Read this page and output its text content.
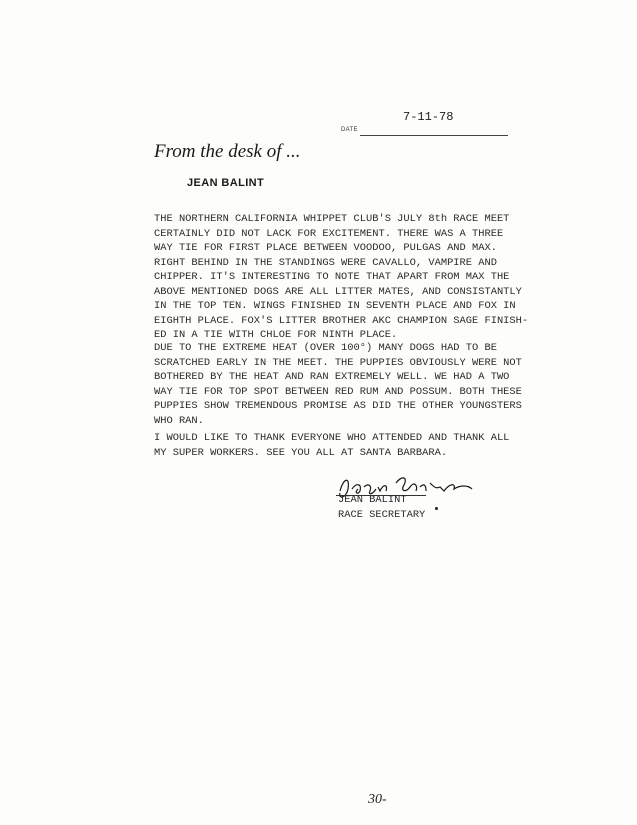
7-11-78
DATE
From the desk of ...
JEAN BALINT
THE NORTHERN CALIFORNIA WHIPPET CLUB'S JULY 8th RACE MEET
CERTAINLY DID NOT LACK FOR EXCITEMENT. THERE WAS A THREE
WAY TIE FOR FIRST PLACE BETWEEN VOODOO, PULGAS AND MAX.
RIGHT BEHIND IN THE STANDINGS WERE CAVALLO, VAMPIRE AND
CHIPPER. IT'S INTERESTING TO NOTE THAT APART FROM MAX THE
ABOVE MENTIONED DOGS ARE ALL LITTER MATES, AND CONSISTANTLY
IN THE TOP TEN. WINGS FINISHED IN SEVENTH PLACE AND FOX IN
EIGHTH PLACE. FOX'S LITTER BROTHER AKC CHAMPION SAGE FINISH-
ED IN A TIE WITH CHLOE FOR NINTH PLACE.
DUE TO THE EXTREME HEAT (OVER 100°) MANY DOGS HAD TO BE
SCRATCHED EARLY IN THE MEET. THE PUPPIES OBVIOUSLY WERE NOT
BOTHERED BY THE HEAT AND RAN EXTREMELY WELL. WE HAD A TWO
WAY TIE FOR TOP SPOT BETWEEN RED RUM AND POSSUM. BOTH THESE
PUPPIES SHOW TREMENDOUS PROMISE AS DID THE OTHER YOUNGSTERS
WHO RAN.
I WOULD LIKE TO THANK EVERYONE WHO ATTENDED AND THANK ALL
MY SUPER WORKERS. SEE YOU ALL AT SANTA BARBARA.
JEAN BALINT
RACE SECRETARY
30-
